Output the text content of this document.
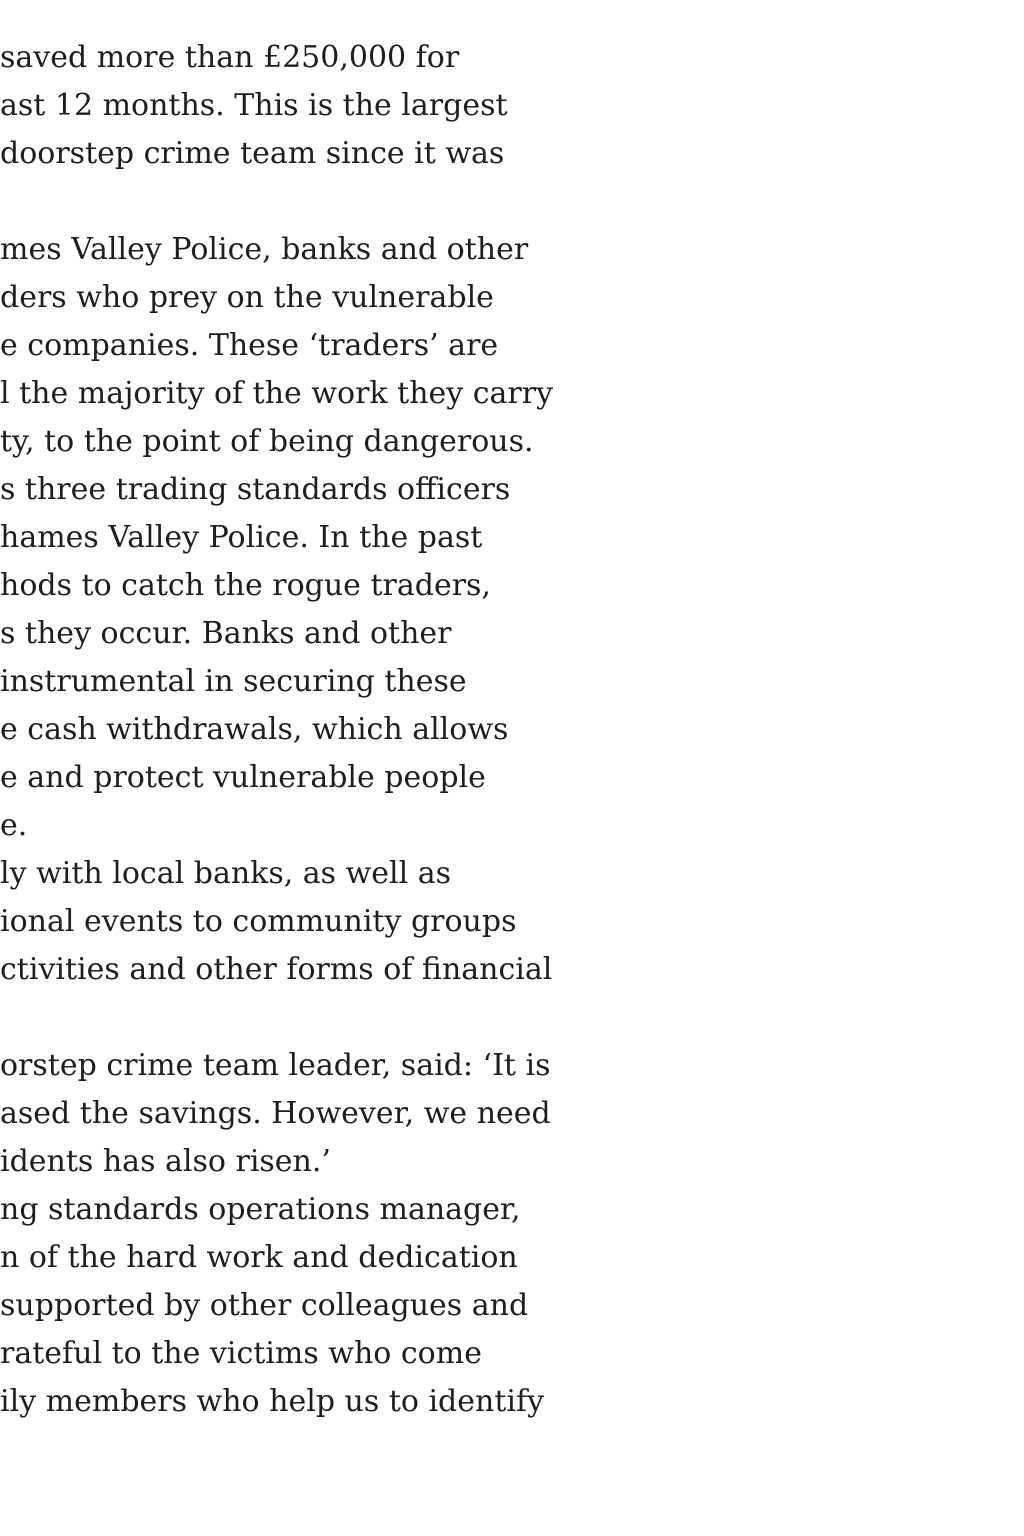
saved more than £250,000 for
ast 12 months. This is the largest
doorstep crime team since it was
mes Valley Police, banks and other
ders who prey on the vulnerable
e companies. These ‘traders’ are
l the majority of the work they carry
ty, to the point of being dangerous.
s three trading standards officers
hames Valley Police. In the past
hods to catch the rogue traders,
s they occur. Banks and other
instrumental in securing these
e cash withdrawals, which allows
e and protect vulnerable people
e.
ly with local banks, as well as
ional events to community groups
ctivities and other forms of financial
orstep crime team leader, said: ‘It is
ased the savings. However, we need
idents has also risen.’
ng standards operations manager,
n of the hard work and dedication
supported by other colleagues and
rateful to the victims who come
ily members who help us to identify
